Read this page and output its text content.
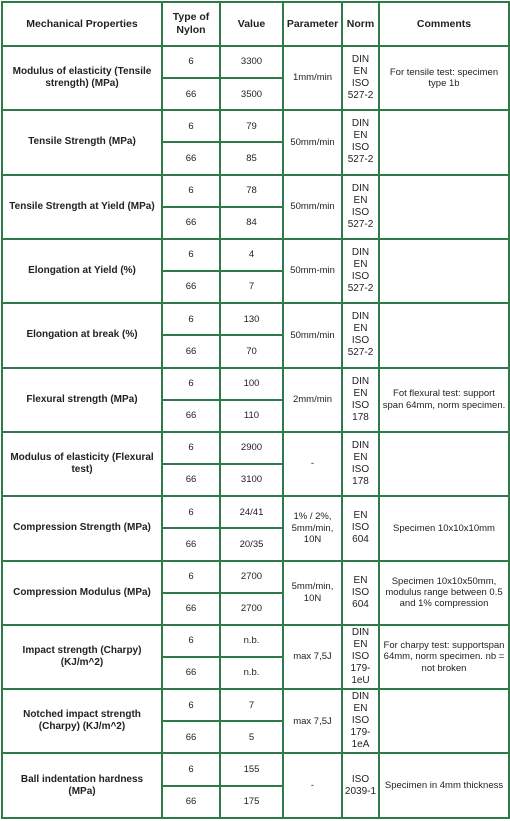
Mechanical Properties	Type of Nylon	Value	Parameter	Norm	Comments
Modulus of elasticity (Tensile strength) (MPa)	6	3300	1mm/min	DIN EN ISO 527-2	For tensile test: specimen type 1b
	66	3500			
Tensile Strength (MPa)	6	79	50mm/min	DIN EN ISO 527-2	
	66	85			
Tensile Strength at Yield (MPa)	6	78	50mm/min	DIN EN ISO 527-2	
	66	84			
Elongation at Yield (%)	6	4	50mm-min	DIN EN ISO 527-2	
	66	7			
Elongation at break (%)	6	130	50mm/min	DIN EN ISO 527-2	
	66	70			
Flexural strength (MPa)	6	100	2mm/min	DIN EN ISO 178	Fot flexural test: support span 64mm, norm specimen.
	66	110			
Modulus of elasticity (Flexural test)	6	2900	-	DIN EN ISO 178	
	66	3100			
Compression Strength (MPa)	6	24/41	1% / 2%, 5mm/min, 10N	EN ISO 604	Specimen 10x10x10mm
	66	20/35			
Compression Modulus (MPa)	6	2700	5mm/min, 10N	EN ISO 604	Specimen 10x10x50mm, modulus range between 0.5 and 1% compression
	66	2700			
Impact strength (Charpy) (KJ/m^2)	6	n.b.	max 7,5J	DIN EN ISO 179-1eU	For charpy test: supportspan 64mm, norm specimen. nb = not broken
	66	n.b.			
Notched impact strength (Charpy) (KJ/m^2)	6	7	max 7,5J	DIN EN ISO 179-1eA	
	66	5			
Ball indentation hardness (MPa)	6	155	-	ISO 2039-1	Specimen in 4mm thickness
	66	175			
